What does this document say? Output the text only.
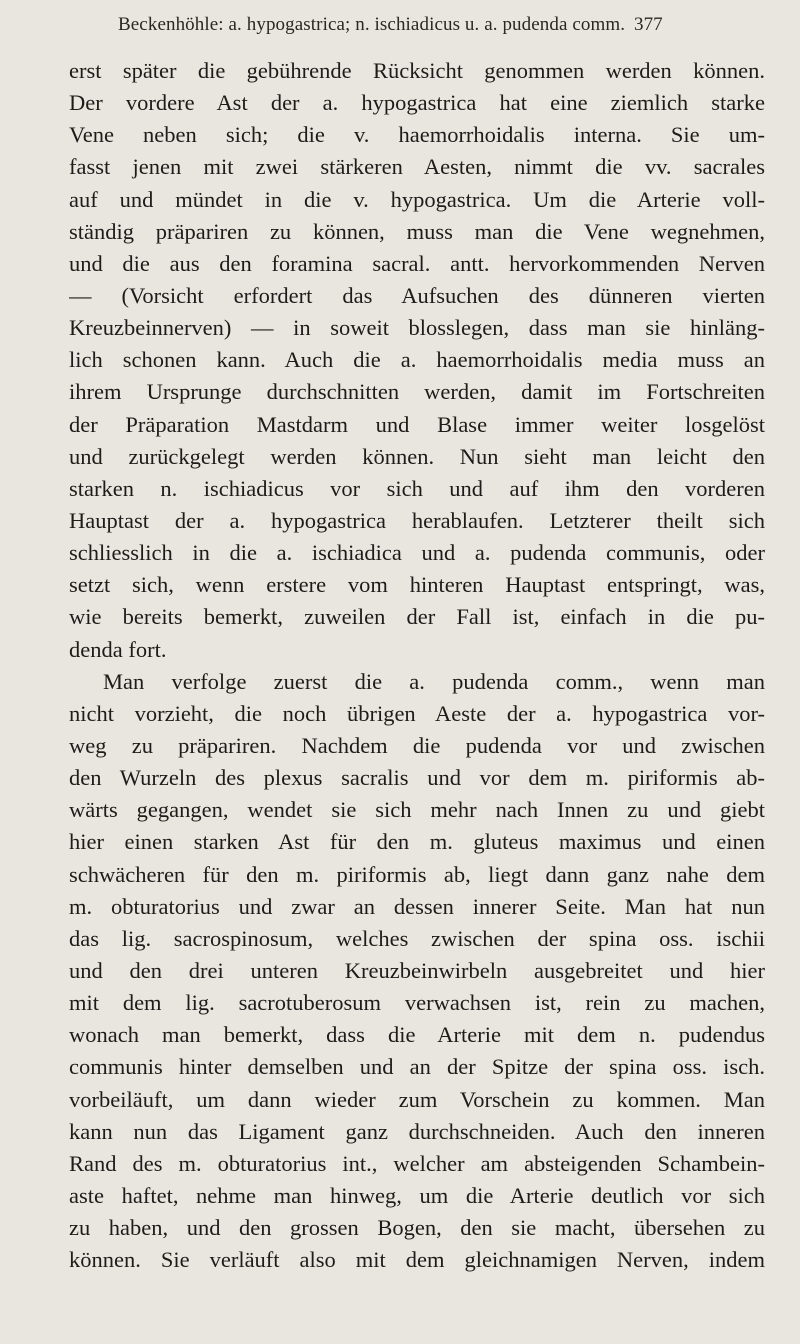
Beckenhöhle: a. hypogastrica; n. ischiadicus u. a. pudenda comm. 377
erst später die gebührende Rücksicht genommen werden können.
Der vordere Ast der a. hypogastrica hat eine ziemlich starke
Vene neben sich; die v. haemorrhoidalis interna. Sie um-
fasst jenen mit zwei stärkeren Aesten, nimmt die vv. sacrales
auf und mündet in die v. hypogastrica. Um die Arterie voll-
ständig präpariren zu können, muss man die Vene wegnehmen,
und die aus den foramina sacral. antt. hervorkommenden Nerven
— (Vorsicht erfordert das Aufsuchen des dünneren vierten
Kreuzbeinnerven) — in soweit blosslegen, dass man sie hinläng-
lich schonen kann. Auch die a. haemorrhoidalis media muss an
ihrem Ursprunge durchschnitten werden, damit im Fortschreiten
der Präparation Mastdarm und Blase immer weiter losgelöst
und zurückgelegt werden können. Nun sieht man leicht den
starken n. ischiadicus vor sich und auf ihm den vorderen
Hauptast der a. hypogastrica herablaufen. Letzterer theilt sich
schliesslich in die a. ischiadica und a. pudenda communis, oder
setzt sich, wenn erstere vom hinteren Hauptast entspringt, was,
wie bereits bemerkt, zuweilen der Fall ist, einfach in die pu-
denda fort.
Man verfolge zuerst die a. pudenda comm., wenn man
nicht vorzieht, die noch übrigen Aeste der a. hypogastrica vor-
weg zu präpariren. Nachdem die pudenda vor und zwischen
den Wurzeln des plexus sacralis und vor dem m. piriformis ab-
wärts gegangen, wendet sie sich mehr nach Innen zu und giebt
hier einen starken Ast für den m. gluteus maximus und einen
schwächeren für den m. piriformis ab, liegt dann ganz nahe dem
m. obturatorius und zwar an dessen innerer Seite. Man hat nun
das lig. sacrospinosum, welches zwischen der spina oss. ischii
und den drei unteren Kreuzbeinwirbeln ausgebreitet und hier
mit dem lig. sacrotuberosum verwachsen ist, rein zu machen,
wonach man bemerkt, dass die Arterie mit dem n. pudendus
communis hinter demselben und an der Spitze der spina oss. isch.
vorbeiläuft, um dann wieder zum Vorschein zu kommen. Man
kann nun das Ligament ganz durchschneiden. Auch den inneren
Rand des m. obturatorius int., welcher am absteigenden Schambein-
aste haftet, nehme man hinweg, um die Arterie deutlich vor sich
zu haben, und den grossen Bogen, den sie macht, übersehen zu
können. Sie verläuft also mit dem gleichnamigen Nerven, indem
